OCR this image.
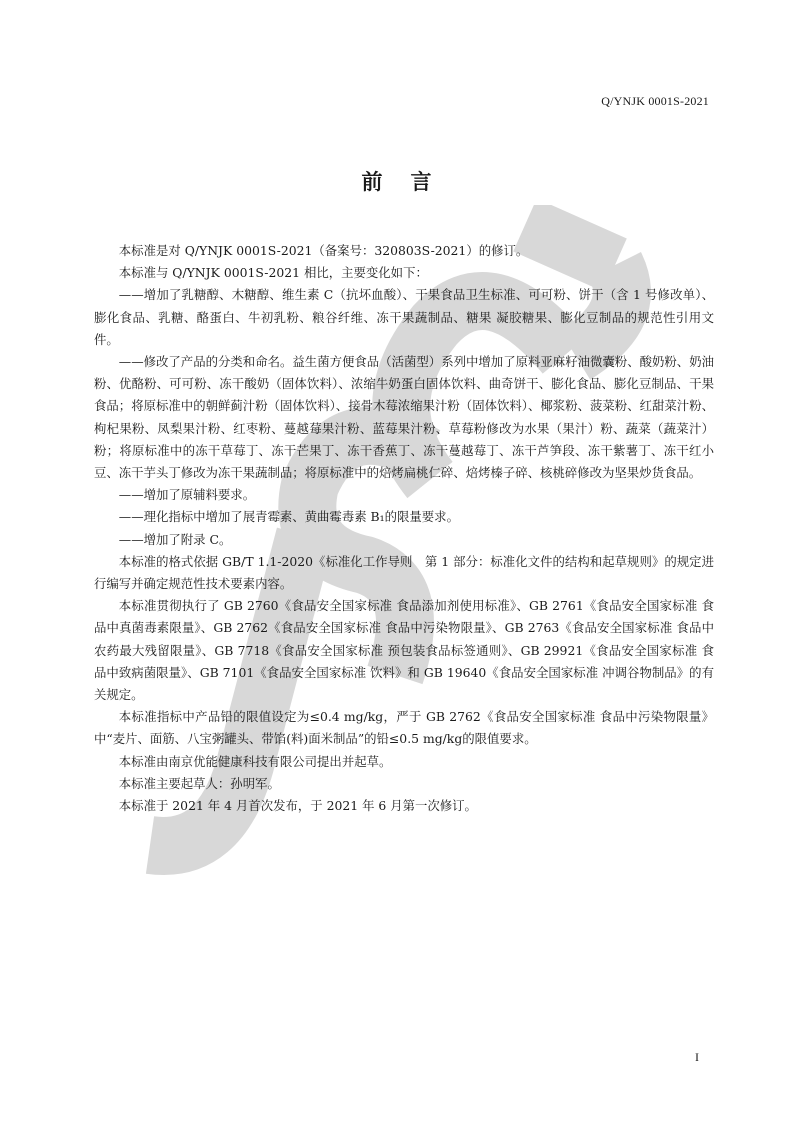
Q/YNJK 0001S-2021
前言

本标准是对 Q/YNJK 0001S-2021（备案号：320803S-2021）的修订。

本标准与 Q/YNJK 0001S-2021 相比，主要变化如下：

——增加了乳糖醇、木糖醇、维生素 C（抗坏血酸）、干果食品卫生标准、可可粉、饼干（含 1 号修改单）、膨化食品、乳糖、酪蛋白、牛初乳粉、粮谷纤维、冻干果蔬制品、糖果 凝胶糖果、膨化豆制品的规范性引用文件。

——修改了产品的分类和命名。益生菌方便食品（活菌型）系列中增加了原料亚麻籽油微囊粉、酸奶粉、奶油粉、优酪粉、可可粉、冻干酸奶（固体饮料）、浓缩牛奶蛋白固体饮料、曲奇饼干、膨化食品、膨化豆制品、干果食品；将原标准中的朝鲜蓟汁粉（固体饮料）、接骨木莓浓缩果汁粉（固体饮料）、椰浆粉、菠菜粉、红甜菜汁粉、枸杞果粉、凤梨果汁粉、红枣粉、蔓越莓果汁粉、蓝莓果汁粉、草莓粉修改为水果（果汁）粉、蔬菜（蔬菜汁）粉；将原标准中的冻干草莓丁、冻干芒果丁、冻干香蕉丁、冻干蔓越莓丁、冻干芦笋段、冻干紫薯丁、冻干红小豆、冻干芋头丁修改为冻干果蔬制品；将原标准中的焙烤扁桃仁碎、焙烤榛子碎、核桃碎修改为坚果炒货食品。

——增加了原辅料要求。

——理化指标中增加了展青霉素、黄曲霉毒素 B₁的限量要求。

——增加了附录 C。

本标准的格式依据 GB/T 1.1-2020《标准化工作导则　第 1 部分：标准化文件的结构和起草规则》的规定进行编写并确定规范性技术要素内容。

本标准贯彻执行了 GB 2760《食品安全国家标准 食品添加剂使用标准》、GB 2761《食品安全国家标准 食品中真菌毒素限量》、GB 2762《食品安全国家标准 食品中污染物限量》、GB 2763《食品安全国家标准 食品中农药最大残留限量》、GB 7718《食品安全国家标准 预包装食品标签通则》、GB 29921《食品安全国家标准 食品中致病菌限量》、GB 7101《食品安全国家标准 饮料》和 GB 19640《食品安全国家标准 冲调谷物制品》的有关规定。

本标准指标中产品铅的限值设定为≤0.4 mg/kg，严于 GB 2762《食品安全国家标准 食品中污染物限量》中“麦片、面筋、八宝粥罐头、带馅(料)面米制品”的铅≤0.5 mg/kg的限值要求。

本标准由南京优能健康科技有限公司提出并起草。

本标准主要起草人：孙明军。

本标准于 2021 年 4 月首次发布，于 2021 年 6 月第一次修订。

I
